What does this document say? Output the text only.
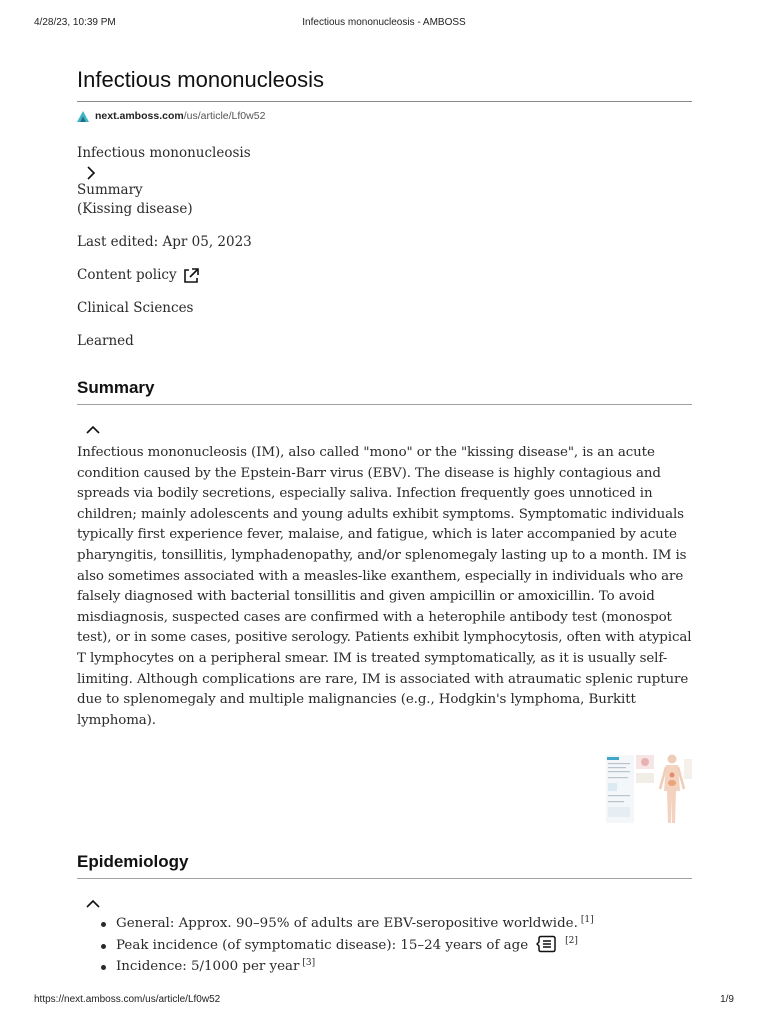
4/28/23, 10:39 PM	Infectious mononucleosis - AMBOSS
Infectious mononucleosis
next.amboss.com /us/article/Lf0w52
Infectious mononucleosis
Summary
(Kissing disease)
Last edited: Apr 05, 2023
Content policy
Clinical Sciences
Learned
Summary

Infectious mononucleosis (IM), also called "mono" or the "kissing disease", is an acute condition caused by the Epstein-Barr virus (EBV). The disease is highly contagious and spreads via bodily secretions, especially saliva. Infection frequently goes unnoticed in children; mainly adolescents and young adults exhibit symptoms. Symptomatic individuals typically first experience fever, malaise, and fatigue, which is later accompanied by acute pharyngitis, tonsillitis, lymphadenopathy, and/or splenomegaly lasting up to a month. IM is also sometimes associated with a measles-like exanthem, especially in individuals who are falsely diagnosed with bacterial tonsillitis and given ampicillin or amoxicillin. To avoid misdiagnosis, suspected cases are confirmed with a heterophile antibody test (monospot test), or in some cases, positive serology. Patients exhibit lymphocytosis, often with atypical T lymphocytes on a peripheral smear. IM is treated symptomatically, as it is usually self-limiting. Although complications are rare, IM is associated with atraumatic splenic rupture due to splenomegaly and multiple malignancies (e.g., Hodgkin's lymphoma, Burkitt lymphoma).

Epidemiology
General: Approx. 90–95% of adults are EBV-seropositive worldwide. [1]
Peak incidence (of symptomatic disease): 15–24 years of age	[2]
Incidence: 5/1000 per year [3]
https://next.amboss.com/us/article/Lf0w52	1/9
